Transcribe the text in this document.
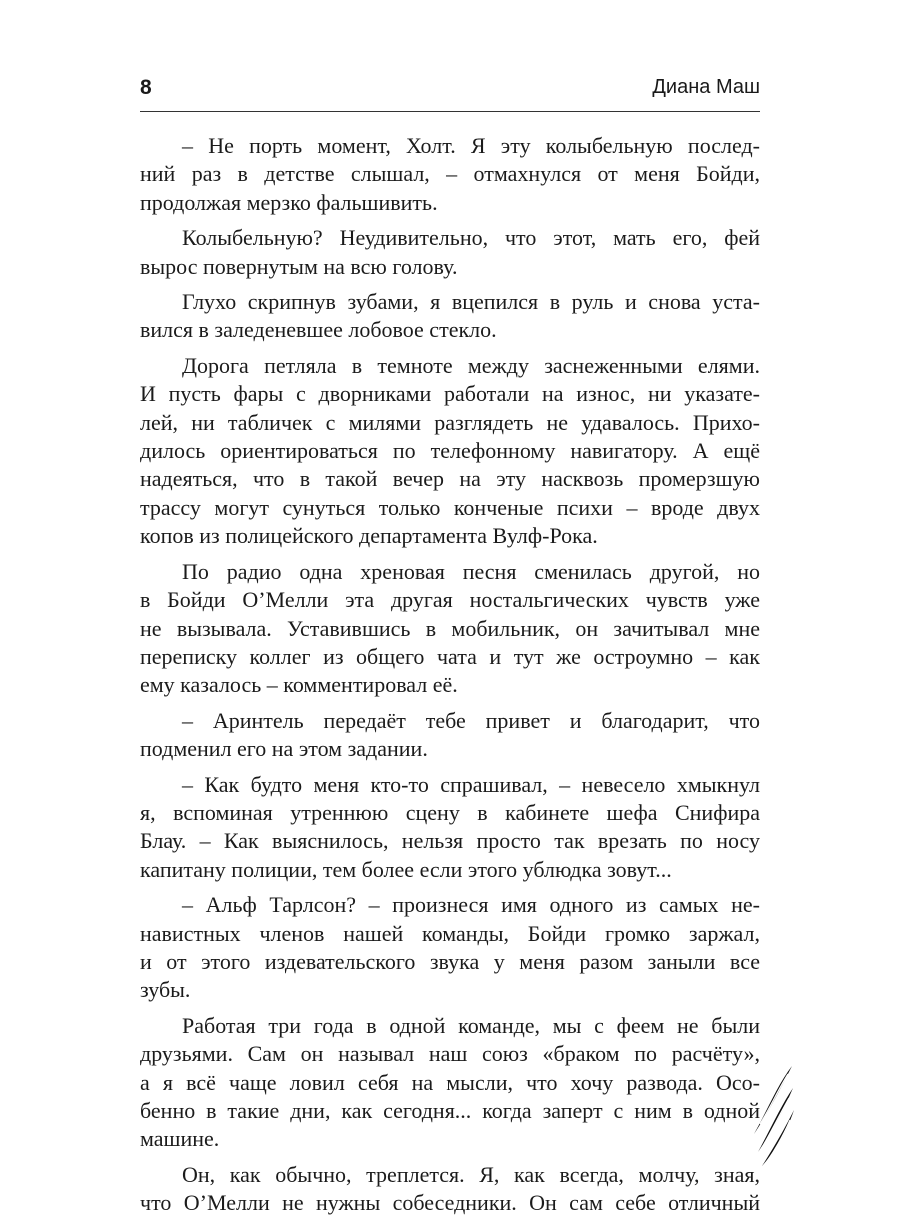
8	Диана Маш

– Не порть момент, Холт. Я эту колыбельную послед-
ний раз в детстве слышал, – отмахнулся от меня Бойди,
продолжая мерзко фальшивить.

Колыбельную? Неудивительно, что этот, мать его, фей
вырос повернутым на всю голову.

Глухо скрипнув зубами, я вцепился в руль и снова уста-
вился в заледеневшее лобовое стекло.

Дорога петляла в темноте между заснеженными елями.
И пусть фары с дворниками работали на износ, ни указате-
лей, ни табличек с милями разглядеть не удавалось. Прихо-
дилось ориентироваться по телефонному навигатору. А ещё
надеяться, что в такой вечер на эту насквозь промерзшую
трассу могут сунуться только конченые психи – вроде двух
копов из полицейского департамента Вулф-Рока.

По радио одна хреновая песня сменилась другой, но
в Бойди О’Мелли эта другая ностальгических чувств уже
не вызывала. Уставившись в мобильник, он зачитывал мне
переписку коллег из общего чата и тут же остроумно – как
ему казалось – комментировал её.

– Аринтель передаёт тебе привет и благодарит, что
подменил его на этом задании.

– Как будто меня кто-то спрашивал, – невесело хмыкнул
я, вспоминая утреннюю сцену в кабинете шефа Снифира
Блау. – Как выяснилось, нельзя просто так врезать по носу
капитану полиции, тем более если этого ублюдка зовут...

– Альф Тарлсон? – произнеся имя одного из самых не-
навистных членов нашей команды, Бойди громко заржал,
и от этого издевательского звука у меня разом заныли все
зубы.

Работая три года в одной команде, мы с феем не были
друзьями. Сам он называл наш союз «браком по расчёту»,
а я всё чаще ловил себя на мысли, что хочу развода. Осо-
бенно в такие дни, как сегодня... когда заперт с ним в одной
машине.

Он, как обычно, треплется. Я, как всегда, молчу, зная,
что О’Мелли не нужны собеседники. Он сам себе отличный
